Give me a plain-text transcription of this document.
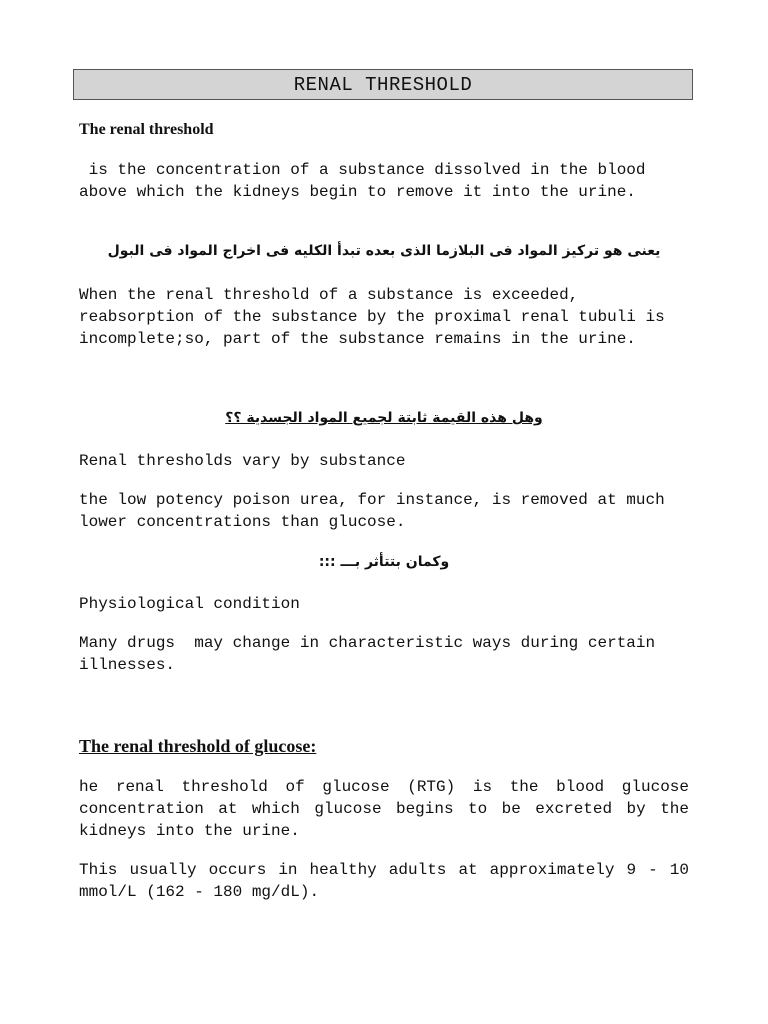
RENAL THRESHOLD

The renal threshold

is the concentration of a substance dissolved in the blood above which the kidneys begin to remove it into the urine.

يعنى هو تركيز المواد فى البلازما الذى بعده تبدأ الكليه فى اخراج المواد فى البول

When the renal threshold of a substance is exceeded, reabsorption of the substance by the proximal renal tubuli is incomplete;so, part of the substance remains in the urine.

وهل هذه القيمة ثابتة لجميع المواد الجسدية ؟؟

Renal thresholds vary by substance

the low potency poison urea, for instance, is removed at much lower concentrations than glucose.

وكمان بتتأثر بـــ :::

Physiological condition

Many drugs  may change in characteristic ways during certain illnesses.

The renal threshold of glucose:

he renal threshold of glucose (RTG) is the blood glucose concentration at which glucose begins to be excreted by the kidneys into the urine.

This usually occurs in healthy adults at approximately 9 - 10 mmol/L (162 - 180 mg/dL).
